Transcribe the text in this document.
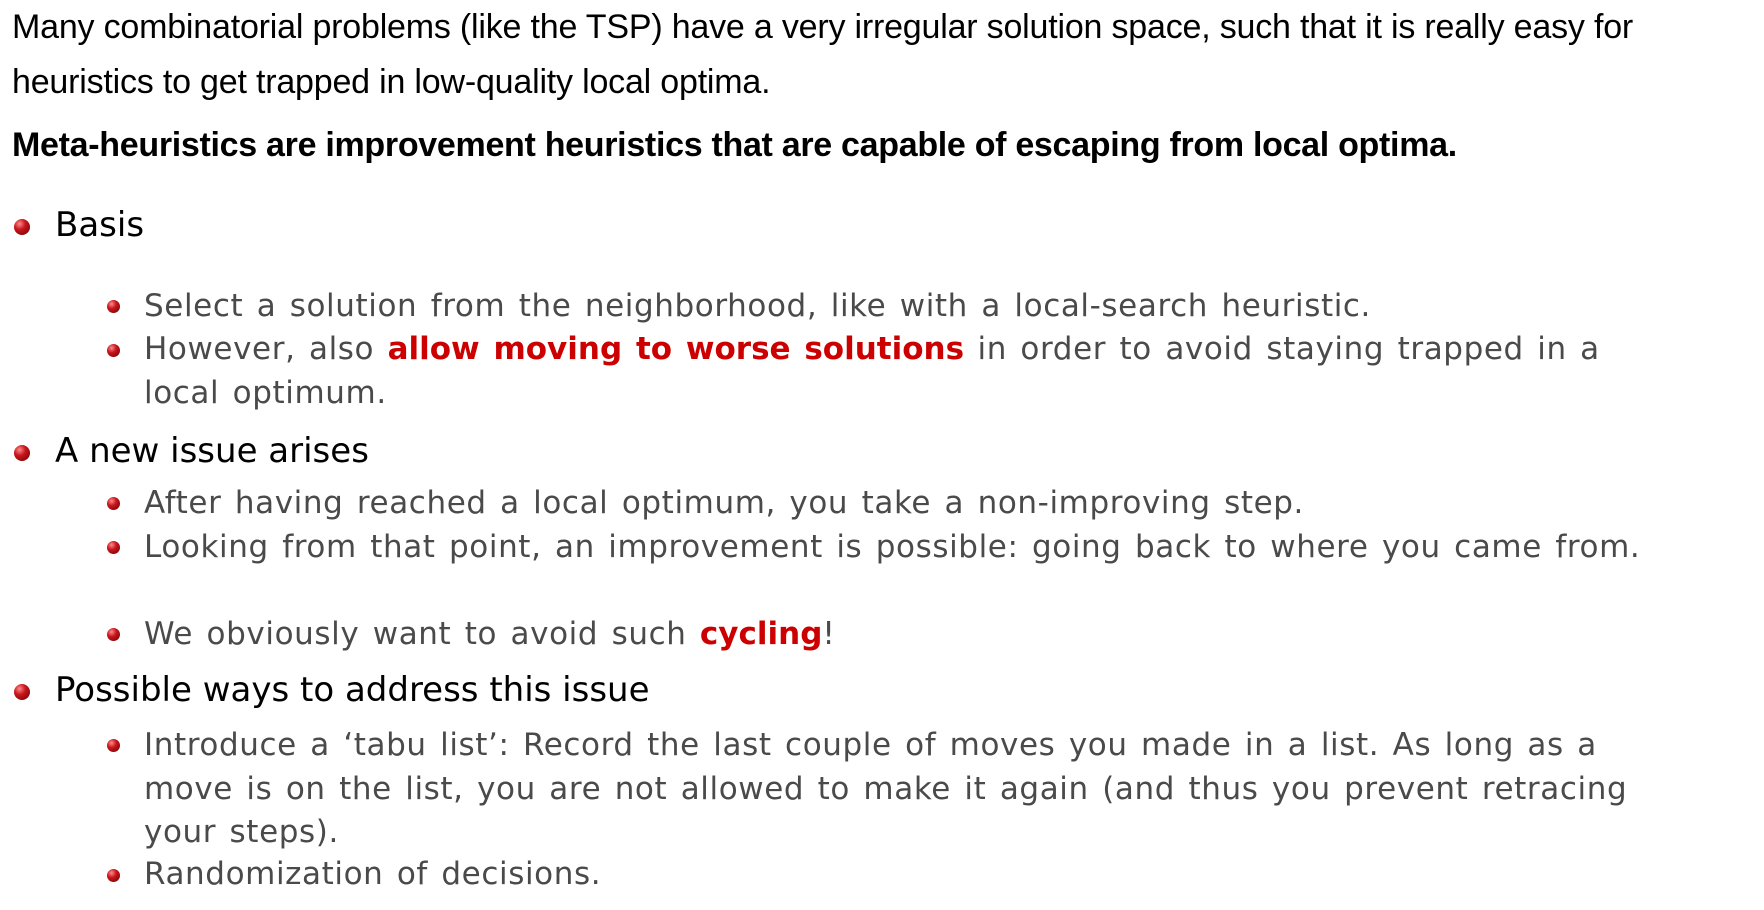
Many combinatorial problems (like the TSP) have a very irregular solution space, such that it is really easy for heuristics to get trapped in low-quality local optima.

Meta-heuristics are improvement heuristics that are capable of escaping from local optima.

Basis
Select a solution from the neighborhood, like with a local-search heuristic.
However, also allow moving to worse solutions in order to avoid staying trapped in a local optimum.
A new issue arises
After having reached a local optimum, you take a non-improving step.
Looking from that point, an improvement is possible: going back to where you came from.
We obviously want to avoid such cycling!
Possible ways to address this issue
Introduce a ‘tabu list’: Record the last couple of moves you made in a list. As long as a move is on the list, you are not allowed to make it again (and thus you prevent retracing your steps).
Randomization of decisions.
